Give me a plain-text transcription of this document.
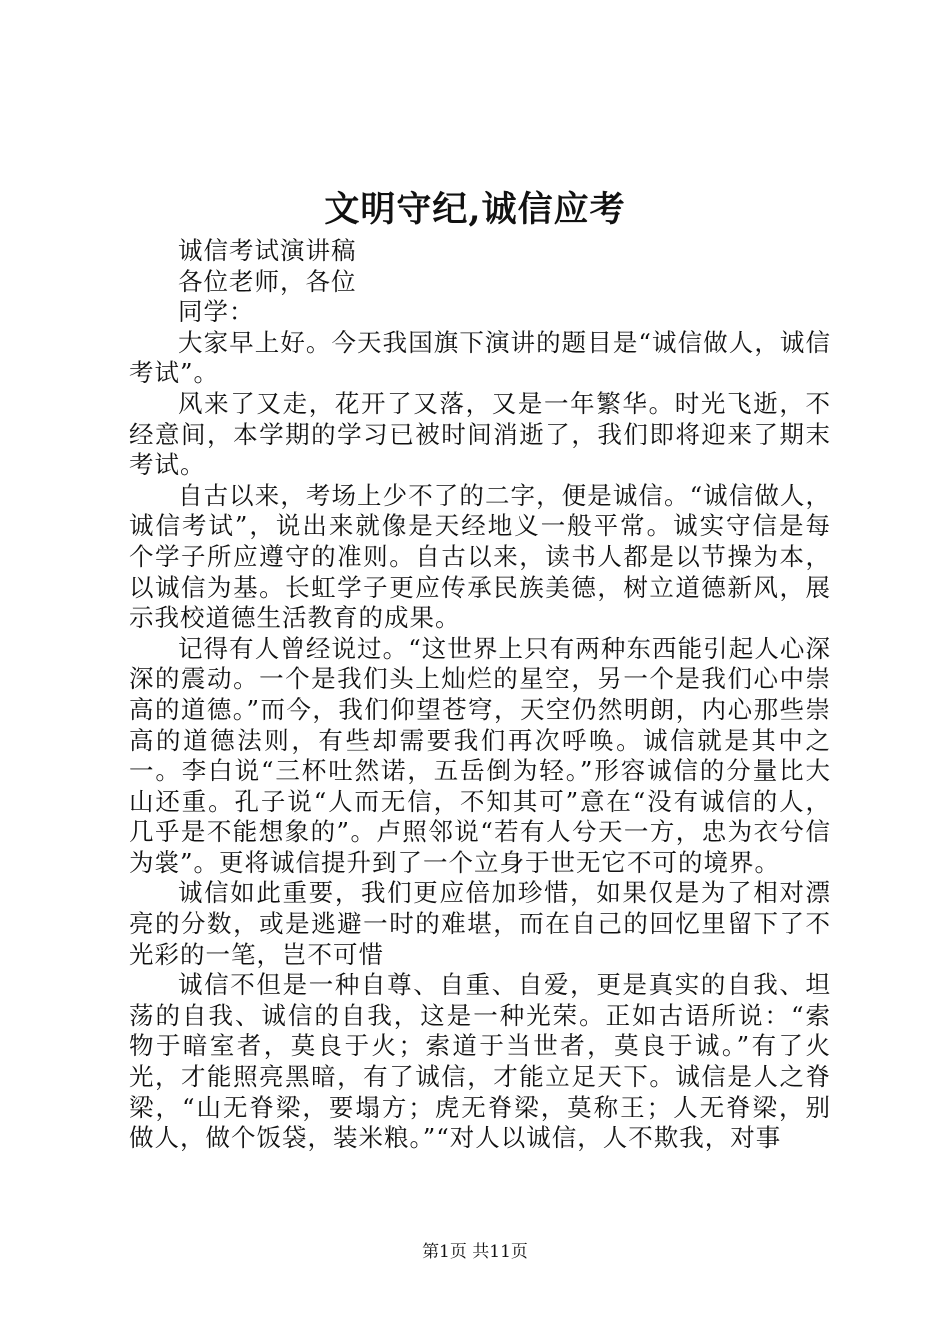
文明守纪,诚信应考

诚信考试演讲稿

各位老师，各位

同学：

大家早上好。今天我国旗下演讲的题目是“诚信做人，诚信考试”。

风来了又走，花开了又落，又是一年繁华。时光飞逝，不经意间，本学期的学习已被时间消逝了，我们即将迎来了期末考试。

自古以来，考场上少不了的二字，便是诚信。“诚信做人，诚信考试”，说出来就像是天经地义一般平常。诚实守信是每个学子所应遵守的准则。自古以来，读书人都是以节操为本，以诚信为基。长虹学子更应传承民族美德，树立道德新风，展示我校道德生活教育的成果。

记得有人曾经说过。“这世界上只有两种东西能引起人心深深的震动。一个是我们头上灿烂的星空，另一个是我们心中崇高的道德。”而今，我们仰望苍穹，天空仍然明朗，内心那些崇高的道德法则，有些却需要我们再次呼唤。诚信就是其中之一。李白说“三杯吐然诺，五岳倒为轻。”形容诚信的分量比大山还重。孔子说“人而无信，不知其可”意在“没有诚信的人，几乎是不能想象的”。卢照邻说“若有人兮天一方，忠为衣兮信为裳”。更将诚信提升到了一个立身于世无它不可的境界。

诚信如此重要，我们更应倍加珍惜，如果仅是为了相对漂亮的分数，或是逃避一时的难堪，而在自己的回忆里留下了不光彩的一笔，岂不可惜

诚信不但是一种自尊、自重、自爱，更是真实的自我、坦荡的自我、诚信的自我，这是一种光荣。正如古语所说：“索物于暗室者，莫良于火；索道于当世者，莫良于诚。”有了火光，才能照亮黑暗，有了诚信，才能立足天下。诚信是人之脊梁，“山无脊梁，要塌方；虎无脊梁，莫称王；人无脊梁，别做人，做个饭袋，装米粮。”“对人以诚信，人不欺我，对事

第1页 共11页
